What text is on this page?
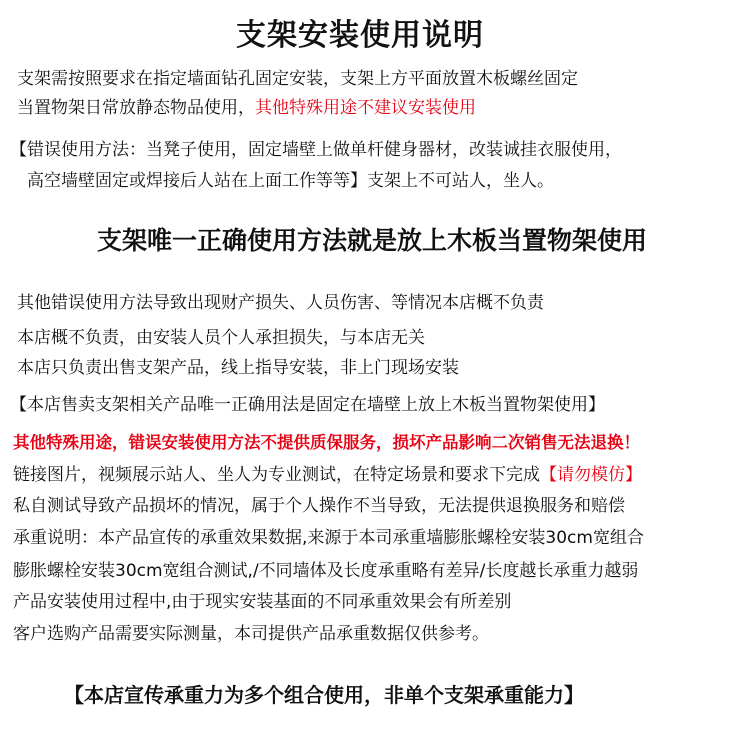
支架安装使用说明
支架需按照要求在指定墙面钻孔固定安装，支架上方平面放置木板螺丝固定
当置物架日常放静态物品使用，其他特殊用途不建议安装使用
【错误使用方法：当凳子使用，固定墙壁上做单杆健身器材，改装诚挂衣服使用，
高空墙壁固定或焊接后人站在上面工作等等】支架上不可站人，坐人。
支架唯一正确使用方法就是放上木板当置物架使用
其他错误使用方法导致出现财产损失、人员伤害、等情况本店概不负责
本店概不负责，由安装人员个人承担损失，与本店无关
本店只负责出售支架产品，线上指导安装，非上门现场安装
【本店售卖支架相关产品唯一正确用法是固定在墙壁上放上木板当置物架使用】
其他特殊用途，错误安装使用方法不提供质保服务，损坏产品影响二次销售无法退换！
链接图片，视频展示站人、坐人为专业测试，在特定场景和要求下完成【请勿模仿】
私自测试导致产品损坏的情况，属于个人操作不当导致，无法提供退换服务和赔偿
承重说明：本产品宣传的承重效果数据,来源于本司承重墙膨胀螺栓安装30cm宽组合
膨胀螺栓安装30cm宽组合测试,/不同墙体及长度承重略有差异/长度越长承重力越弱
产品安装使用过程中,由于现实安装基面的不同承重效果会有所差别
客户选购产品需要实际测量，本司提供产品承重数据仅供参考。
【本店宣传承重力为多个组合使用，非单个支架承重能力】
